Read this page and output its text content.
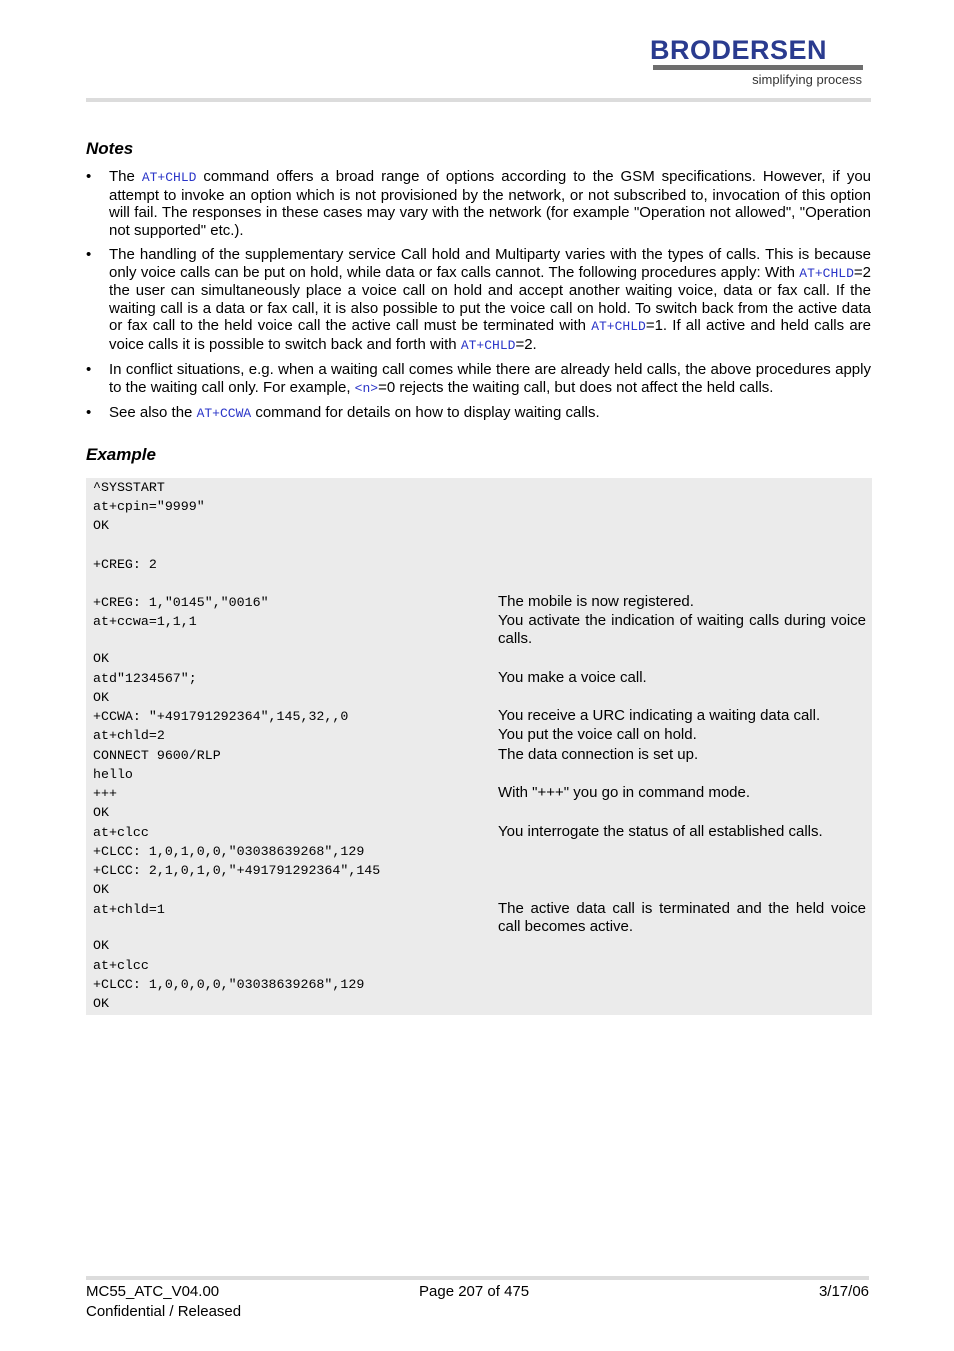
BRODERSEN
simplifying process
Notes
• The AT+CHLD command offers a broad range of options according to the GSM specifications. However, if you attempt to invoke an option which is not provisioned by the network, or not subscribed to, invocation of this option will fail. The responses in these cases may vary with the network (for example "Operation not allowed", "Operation not supported" etc.).
• The handling of the supplementary service Call hold and Multiparty varies with the types of calls. This is because only voice calls can be put on hold, while data or fax calls cannot. The following procedures apply: With AT+CHLD=2 the user can simultaneously place a voice call on hold and accept another waiting voice, data or fax call. If the waiting call is a data or fax call, it is also possible to put the voice call on hold. To switch back from the active data or fax call to the held voice call the active call must be terminated with AT+CHLD=1. If all active and held calls are voice calls it is possible to switch back and forth with AT+CHLD=2.
• In conflict situations, e.g. when a waiting call comes while there are already held calls, the above procedures apply to the waiting call only. For example, <n>=0 rejects the waiting call, but does not affect the held calls.
• See also the AT+CCWA command for details on how to display waiting calls.
Example
^SYSSTART
at+cpin="9999"
OK
+CREG: 2
+CREG: 1,"0145","0016"
at+ccwa=1,1,1
OK
atd"1234567";
OK
+CCWA: "+491791292364",145,32,,0
at+chld=2
CONNECT 9600/RLP
hello
+++
OK
at+clcc
+CLCC: 1,0,1,0,0,"03038639268",129
+CLCC: 2,1,0,1,0,"+491791292364",145
OK
at+chld=1
OK
at+clcc
+CLCC: 1,0,0,0,0,"03038639268",129
OK
The mobile is now registered.
You activate the indication of waiting calls during voice calls.
You make a voice call.
You receive a URC indicating a waiting data call.
You put the voice call on hold.
The data connection is set up.
With "+++" you go in command mode.
You interrogate the status of all established calls.
The active data call is terminated and the held voice call becomes active.
MC55_ATC_V04.00
Confidential / Released
Page 207 of 475	3/17/06
